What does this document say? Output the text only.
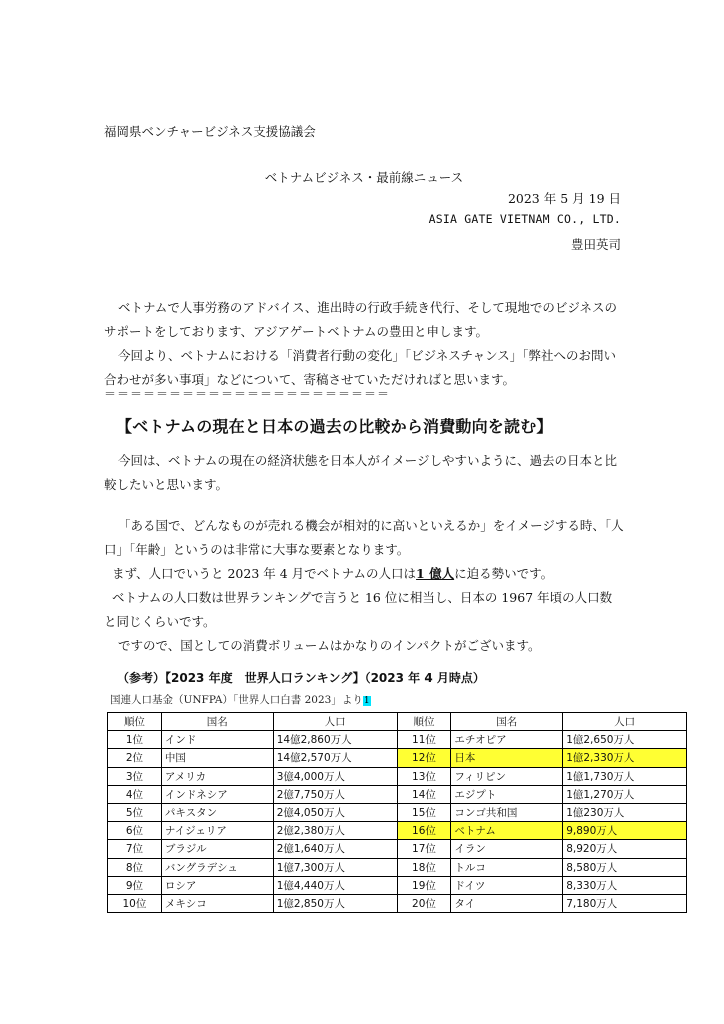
福岡県ベンチャービジネス支援協議会
ベトナムビジネス・最前線ニュース
2023 年 5 月 19 日
ASIA GATE VIETNAM CO., LTD.
豊田英司
ベトナムで人事労務のアドバイス、進出時の行政手続き代行、そして現地でのビジネスのサポートをしております、アジアゲートベトナムの豊田と申します。
今回より、ベトナムにおける「消費者行動の変化」「ビジネスチャンス」「弊社へのお問い合わせが多い事項」などについて、寄稿させていただければと思います。
＝＝＝＝＝＝＝＝＝＝＝＝＝＝＝＝＝＝＝＝＝＝
【ベトナムの現在と日本の過去の比較から消費動向を読む】
今回は、ベトナムの現在の経済状態を日本人がイメージしやすいように、過去の日本と比較したいと思います。
「ある国で、どんなものが売れる機会が相対的に高いといえるか」をイメージする時、「人口」「年齢」というのは非常に大事な要素となります。
まず、人口でいうと 2023 年 4 月でベトナムの人口は1 億人に迫る勢いです。
ベトナムの人口数は世界ランキングで言うと 16 位に相当し、日本の 1967 年頃の人口数と同じくらいです。
ですので、国としての消費ボリュームはかなりのインパクトがございます。
（参考）【2023 年度　世界人口ランキング】（2023 年 4 月時点）
国連人口基金（UNFPA）「世界人口白書 2023」より1
順位	国名	人口	順位	国名	人口
1位	インド	14億2,860万人	11位	エチオピア	1億2,650万人
2位	中国	14億2,570万人	12位	日本	1億2,330万人
3位	アメリカ	3億4,000万人	13位	フィリピン	1億1,730万人
4位	インドネシア	2億7,750万人	14位	エジプト	1億1,270万人
5位	パキスタン	2億4,050万人	15位	コンゴ共和国	1億230万人
6位	ナイジェリア	2億2,380万人	16位	ベトナム	9,890万人
7位	ブラジル	2億1,640万人	17位	イラン	8,920万人
8位	バングラデシュ	1億7,300万人	18位	トルコ	8,580万人
9位	ロシア	1億4,440万人	19位	ドイツ	8,330万人
10位	メキシコ	1億2,850万人	20位	タイ	7,180万人
